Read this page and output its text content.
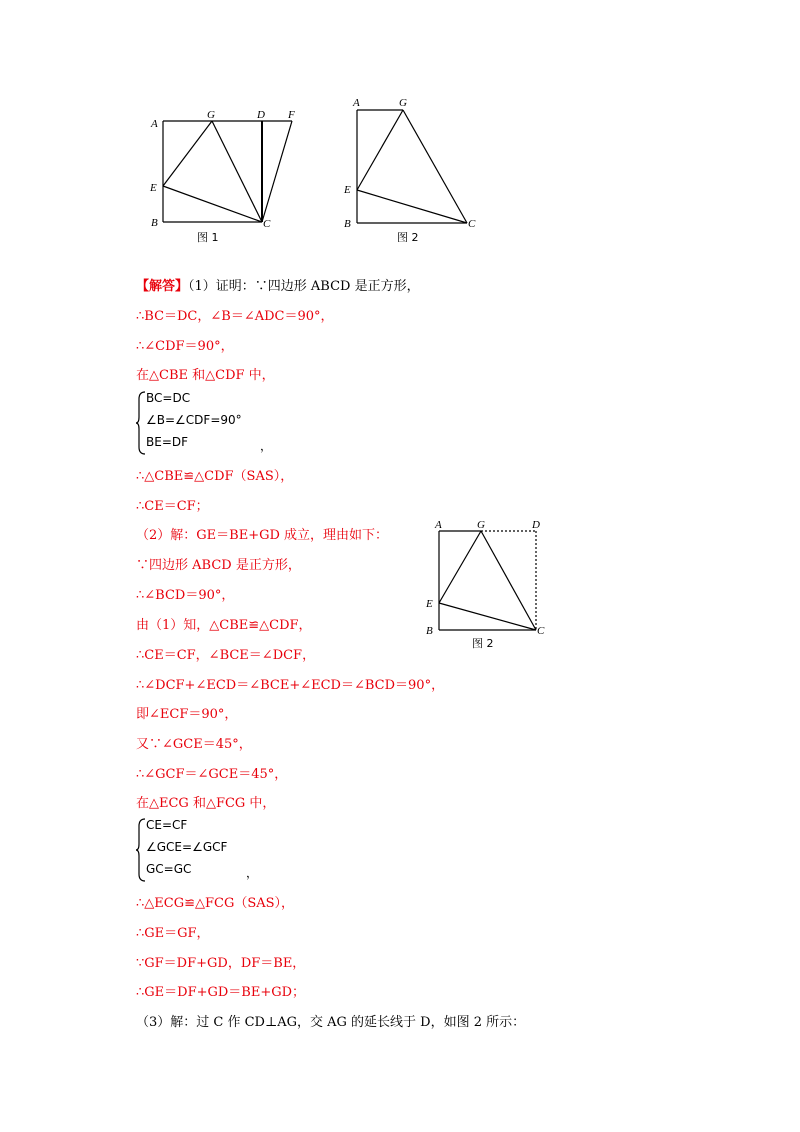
A
G	D F
E
B	C
图 1
A	G
E
B	C
图 2
A	G	D
E
B	C
图 2
【解答】（1）证明：∵四边形 ABCD 是正方形，
∴BC＝DC，∠B＝∠ADC＝90°，
∴∠CDF＝90°，
在△CBE 和△CDF 中，
BC=DC
∠B=∠CDF=90°
BE=DF	，
∴△CBE≌△CDF（SAS），
∴CE＝CF；
（2）解：GE＝BE+GD 成立，理由如下：
∵四边形 ABCD 是正方形，
∴∠BCD＝90°，
由（1）知，△CBE≌△CDF，
∴CE＝CF，∠BCE＝∠DCF，
∴∠DCF+∠ECD＝∠BCE+∠ECD＝∠BCD＝90°，
即∠ECF＝90°，
又∵∠GCE＝45°，
∴∠GCF＝∠GCE＝45°，
在△ECG 和△FCG 中，
CE=CF
∠GCE=∠GCF
GC=GC	，
∴△ECG≌△FCG（SAS），
∴GE＝GF，
∵GF＝DF+GD，DF＝BE，
∴GE＝DF+GD＝BE+GD；
（3）解：过 C 作 CD⊥AG，交 AG 的延长线于 D，如图 2 所示：
